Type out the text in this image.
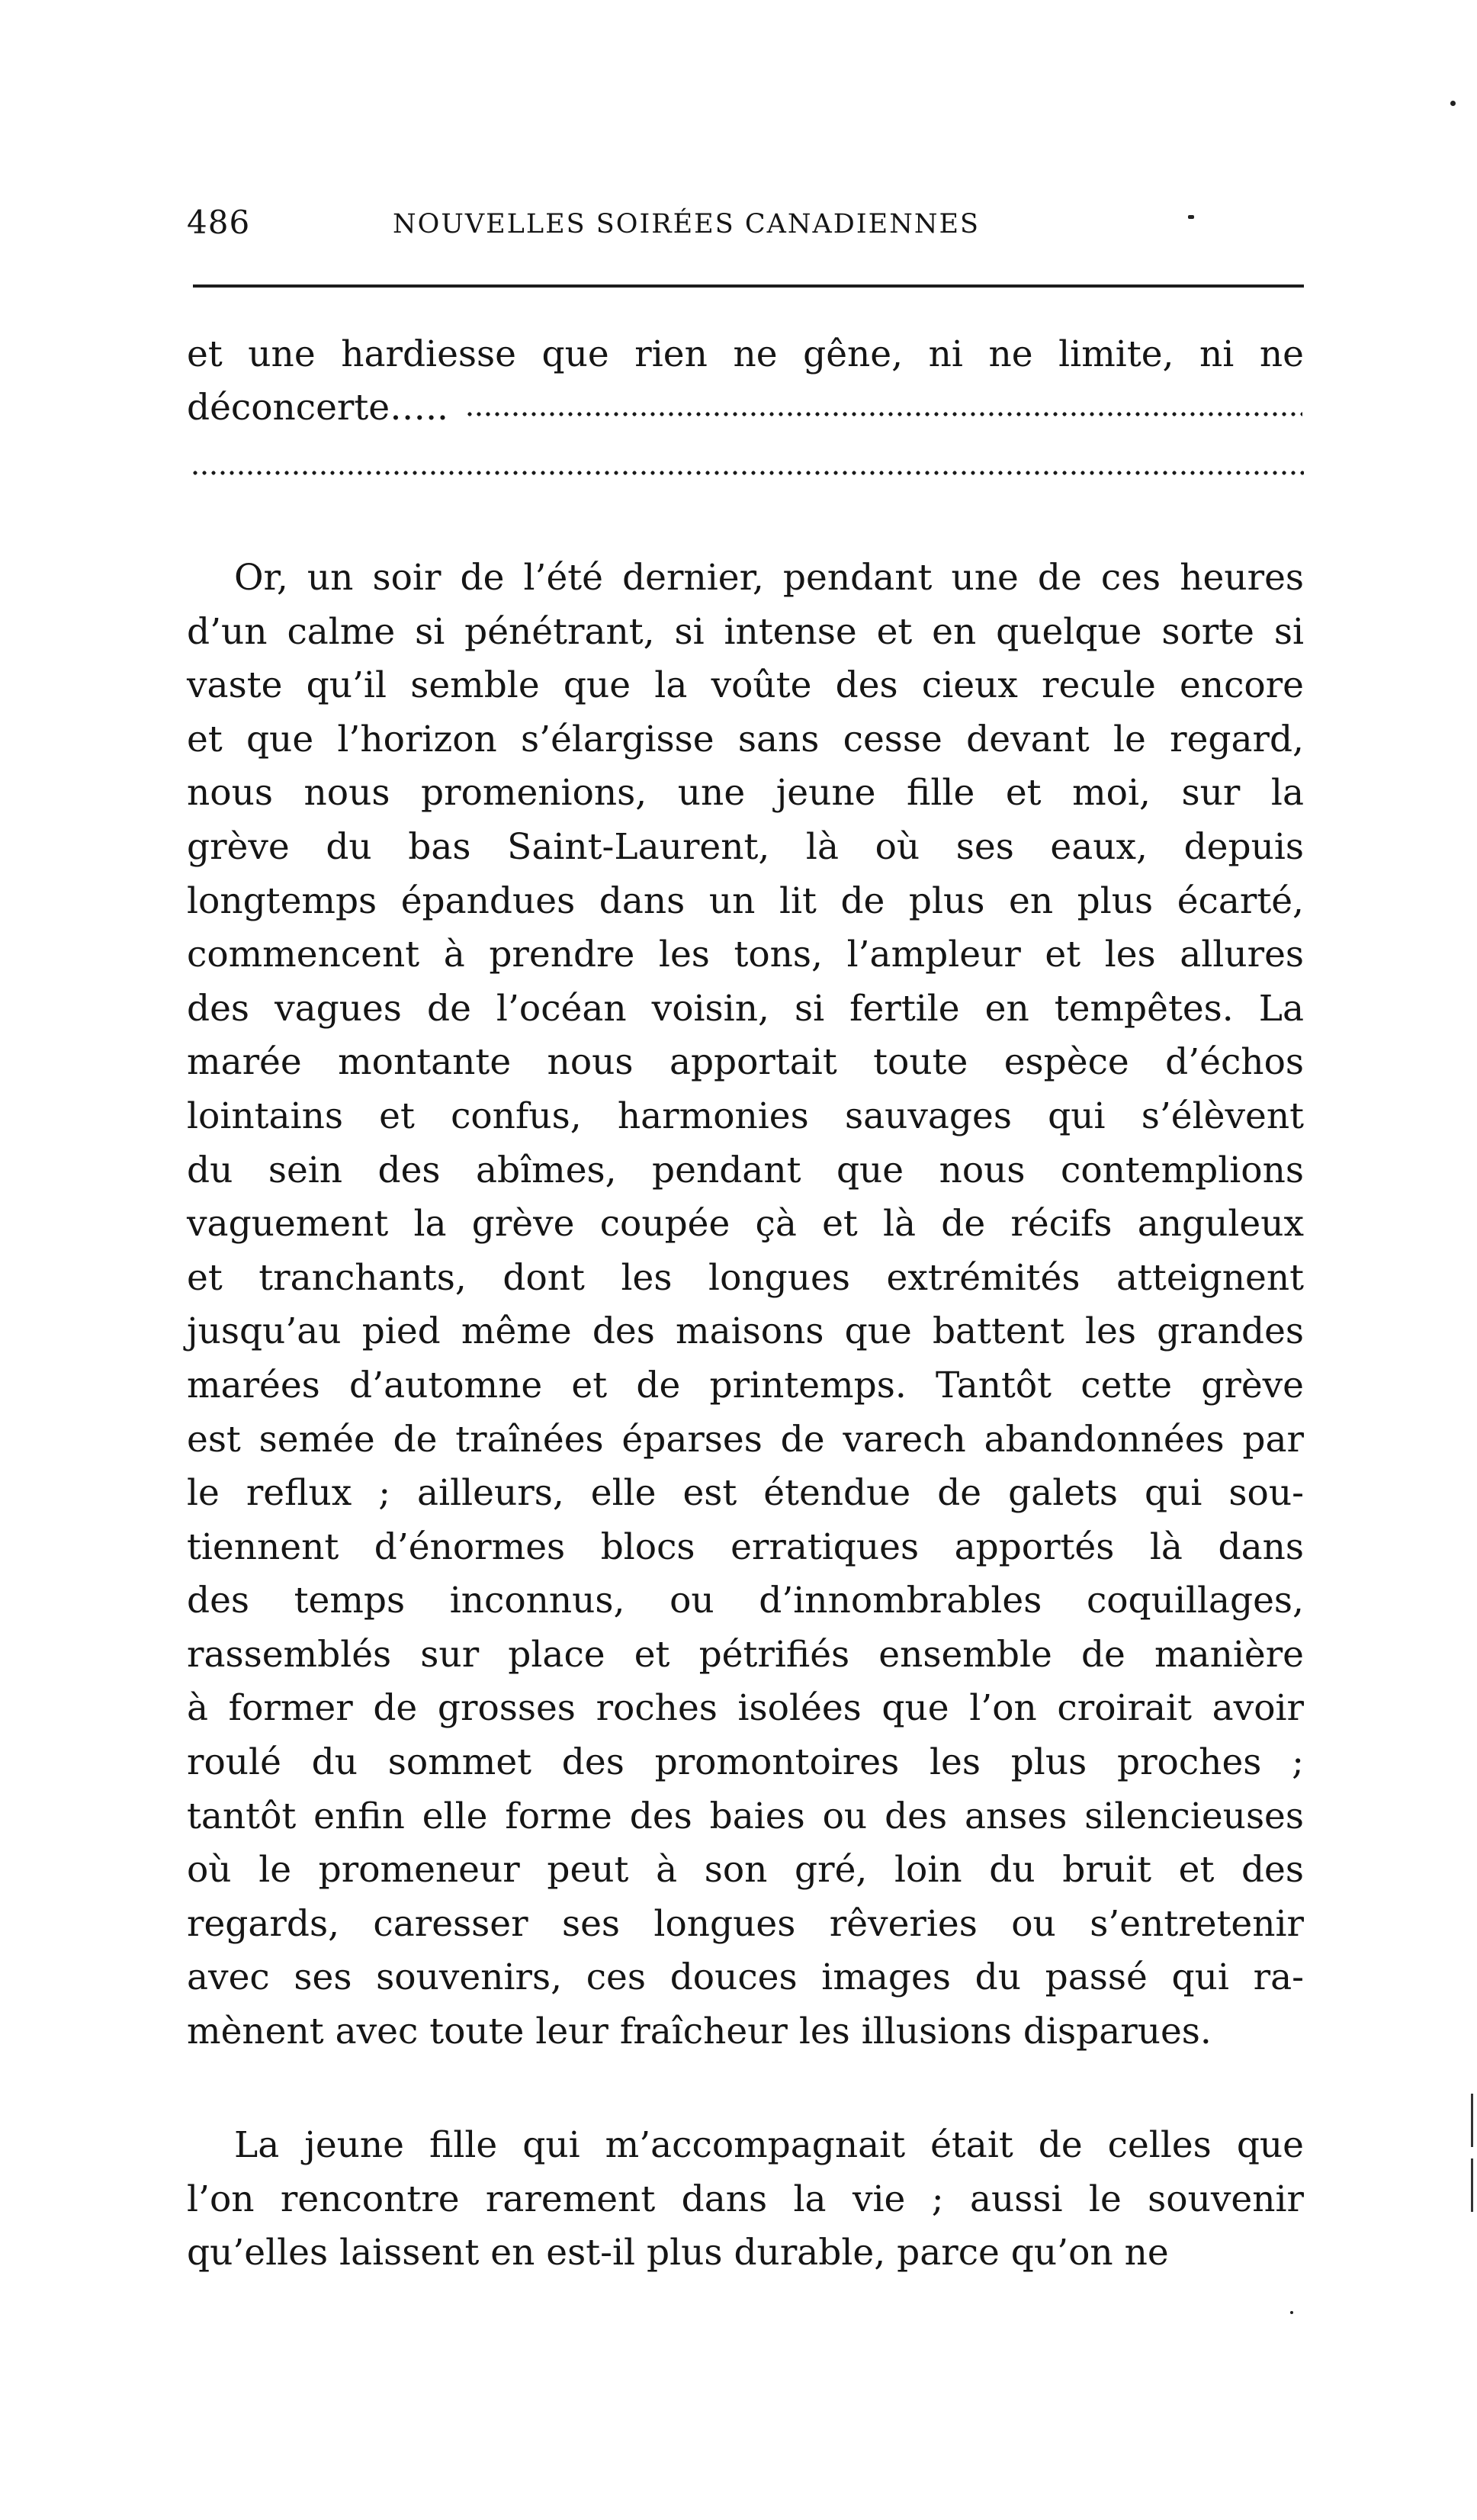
486	NOUVELLES SOIRÉES CANADIENNES
et une hardiesse que rien ne gêne, ni ne limite, ni ne
déconcerte…..
Or, un soir de l’été dernier, pendant une de ces heures
d’un calme si pénétrant, si intense et en quelque sorte si
vaste qu’il semble que la voûte des cieux recule encore
et que l’horizon s’élargisse sans cesse devant le regard,
nous nous promenions, une jeune fille et moi, sur la
grève du bas Saint-Laurent, là où ses eaux, depuis
longtemps épandues dans un lit de plus en plus écarté,
commencent à prendre les tons, l’ampleur et les allures
des vagues de l’océan voisin, si fertile en tempêtes. La
marée montante nous apportait toute espèce d’échos
lointains et confus, harmonies sauvages qui s’élèvent
du sein des abîmes, pendant que nous contemplions
vaguement la grève coupée çà et là de récifs anguleux
et tranchants, dont les longues extrémités atteignent
jusqu’au pied même des maisons que battent les grandes
marées d’automne et de printemps. Tantôt cette grève
est semée de traînées éparses de varech abandonnées par
le reflux ; ailleurs, elle est étendue de galets qui sou-
tiennent d’énormes blocs erratiques apportés là dans
des temps inconnus, ou d’innombrables coquillages,
rassemblés sur place et pétrifiés ensemble de manière
à former de grosses roches isolées que l’on croirait avoir
roulé du sommet des promontoires les plus proches ;
tantôt enfin elle forme des baies ou des anses silencieuses
où le promeneur peut à son gré, loin du bruit et des
regards, caresser ses longues rêveries ou s’entretenir
avec ses souvenirs, ces douces images du passé qui ra-
mènent avec toute leur fraîcheur les illusions disparues.
La jeune fille qui m’accompagnait était de celles que
l’on rencontre rarement dans la vie ; aussi le souvenir
qu’elles laissent en est-il plus durable, parce qu’on ne
